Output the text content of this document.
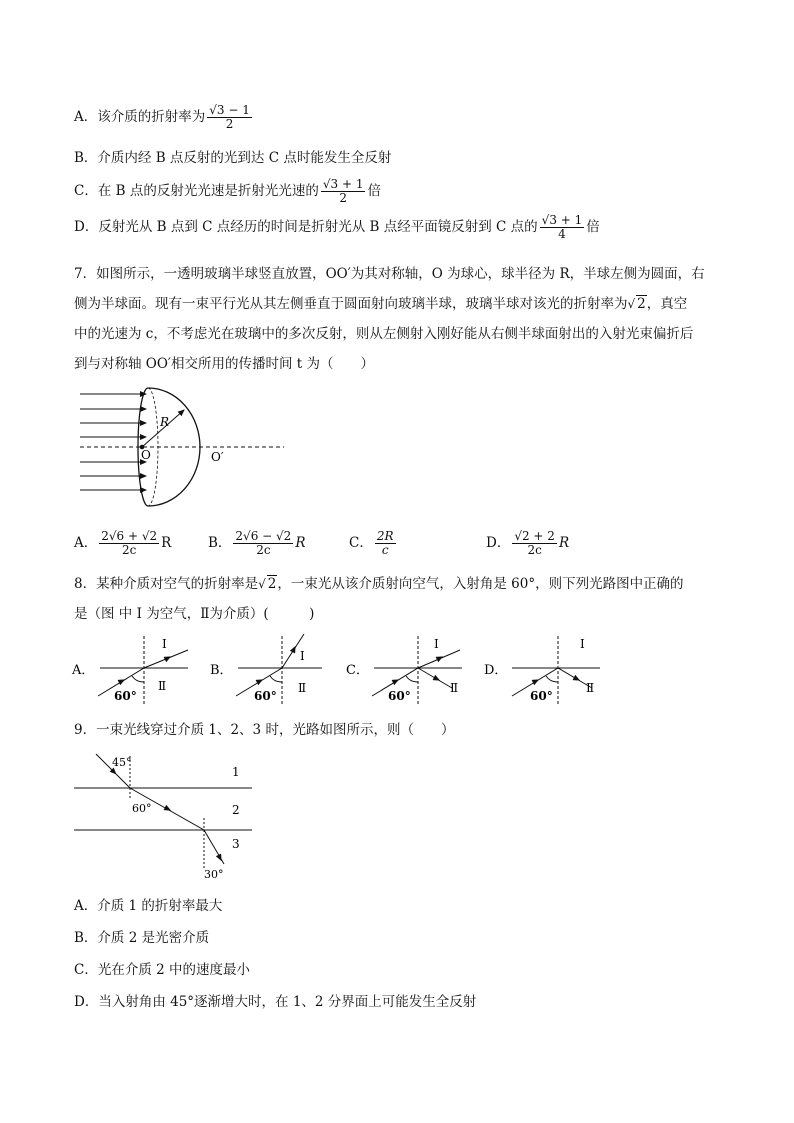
A．该介质的折射率为 $\frac{√3 - 1}{2}$
B．介质内经 B 点反射的光到达 C 点时能发生全反射
C．在 B 点的反射光光速是折射光光速的 $\frac{√3 + 1}{2}$ 倍
D．反射光从 B 点到 C 点经历的时间是折射光从 B 点经平面镜反射到 C 点的 $\frac{√3 + 1}{4}$ 倍
7．如图所示，一透明玻璃半球竖直放置，OO′为其对称轴，O 为球心，球半径为 R，半球左侧为圆面，右
侧为半球面。现有一束平行光从其左侧垂直于圆面射向玻璃半球，玻璃半球对该光的折射率为√ 2，真空
中的光速为 c，不考虑光在玻璃中的多次反射，则从左侧射入刚好能从右侧半球面射出的入射光束偏折后
到与对称轴 OO′相交所用的传播时间 t 为（　　）
R
O	O′
A． $\frac{2√6 + √2}{2c}$ R	B． $\frac{2√6 - √2}{2c}$ R	C． $\frac{2R}{c}$	D． $\frac{√2 + 2}{2c}$ R
8．某种介质对空气的折射率是√ 2，一束光从该介质射向空气，入射角是 60°，则下列光路图中正确的
是（图 中 Ⅰ 为空气，Ⅱ为介质）(　　　)
A．
Ⅰ
Ⅱ
60°
B．
Ⅰ
Ⅱ
60°
C．
Ⅰ
Ⅱ
60°
D．
Ⅰ
Ⅱ
60°
9．一束光线穿过介质 1、2、3 时，光路如图所示，则（　　）
45°
60°
30°
1
2
3
A．介质 1 的折射率最大
B．介质 2 是光密介质
C．光在介质 2 中的速度最小
D．当入射角由 45°逐渐增大时，在 1、2 分界面上可能发生全反射
